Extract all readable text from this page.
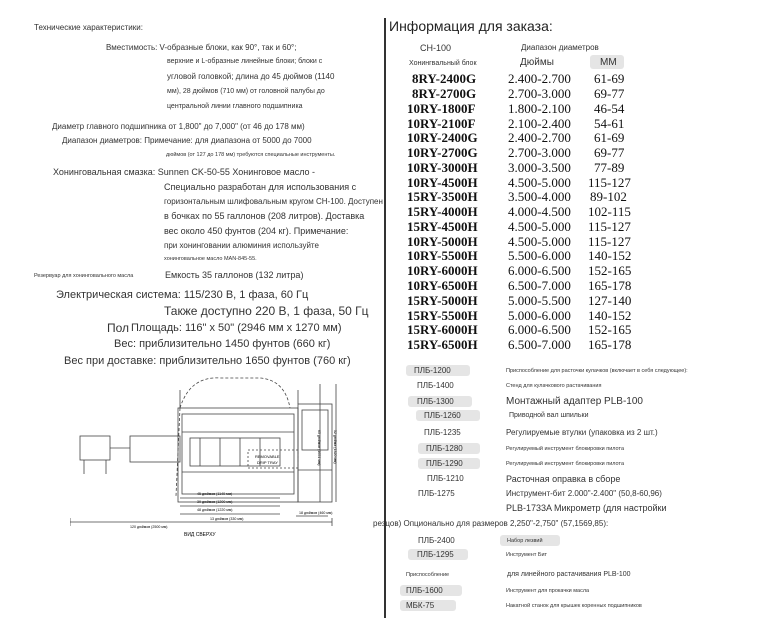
Технические характеристики:
Вместимость: V-образные блоки, как 90°, так и 60°;
верхние и L-образные линейные блоки; блоки с
угловой головкой; длина до 45 дюймов (1140
мм), 28 дюймов (710 мм) от головной палубы до
центральной линии главного подшипника
Диаметр главного подшипника от 1,800" до 7,000" (от 46 до 178 мм)
Диапазон диаметров: Примечание: для диапазона от 5000 до 7000
дюймов (от 127 до 178 мм) требуются специальные инструменты.
Хонинговальная смазка: Sunnen CK-50-55 Хонинговое масло -
Специально разработан для использования с
горизонтальным шлифовальным кругом CH-100. Доступен
в бочках по 55 галлонов (208 литров). Доставка
вес около 450 фунтов (204 кг). Примечание:
при хонинговании алюминия используйте
хонинговальное масло MAN-845-55.
Резервуар для хонинговального масла	Емкость 35 галлонов (132 литра)
Электрическая система: 115/230 В, 1 фаза, 60 Гц
Также доступно 220 В, 1 фаза, 50 Гц
Пол Площадь: 116" x 50" (2946 мм x 1270 мм)
Вес: приблизительно 1450 фунтов (660 кг)
Вес при доставке: приблизительно 1650 фунтов (760 кг)
REMOVABLE
DRIP TRAY
45 дюймов (1140 мм)
39 дюймов (1200 мм)
48 дюймов (1220 мм)
18 дюймов (460 мм)
13 дюймов (330 мм)
120 дюймов (2500 мм)
ВИД СВЕРХУ
65 дюймов (1651 мм)	52 дюйма (1320 мм)
Информация для заказа:
CH-100	Диапазон диаметров
Хонингвальный блок	Дюймы	ММ
8RY-2400G 2.400-2.700 61-69
8RY-2700G 2.700-3.000 69-77
10RY-1800F	1.800-2.100 46-54
10RY-2100F	2.100-2.400 54-61
10RY-2400G 2.400-2.700 61-69
10RY-2700G 2.700-3.000 69-77
10RY-3000H 3.000-3.500 77-89
10RY-4500H 4.500-5.000 115-127
15RY-3500H 3.500-4.000 89-102
15RY-4000H 4.000-4.500 102-115
15RY-4500H 4.500-5.000 115-127
10RY-5000H 4.500-5.000 115-127
10RY-5500H 5.500-6.000 140-152
10RY-6000H 6.000-6.500 152-165
10RY-6500H 6.500-7.000 165-178
15RY-5000H 5.000-5.500 127-140
15RY-5500H 5.000-6.000 140-152
15RY-6000H 6.000-6.500 152-165
15RY-6500H 6.500-7.000 165-178
ПЛБ-1200	Приспособление для расточки кулачков (включает в себя следующее):
ПЛБ-1400	Стенд для кулачкового растачивания
ПЛБ-1300	Монтажный адаптер PLB-100
ПЛБ-1260	Приводной вал шпильки
ПЛБ-1235	Регулируемые втулки (упаковка из 2 шт.)
ПЛБ-1280	Регулируемый инструмент блокировки пилота
ПЛБ-1290	Регулируемый инструмент блокировки пилота
ПЛБ-1210	Расточная оправка в сборе
ПЛБ-1275	Инструмент-бит 2.000"-2.400" (50,8-60,96)
PLB-1733A Микрометр (для настройки
резцов) Опционально для размеров 2,250"-2,750" (57,1569,85):
ПЛБ-2400	Набор лезвий
ПЛБ-1295	Инструмент Бит
Приспособление	для линейного растачивания PLB-100
ПЛБ-1600	Инструмент для прокачки масла
МБК-75	Накатной станок для крышек коренных подшипников
